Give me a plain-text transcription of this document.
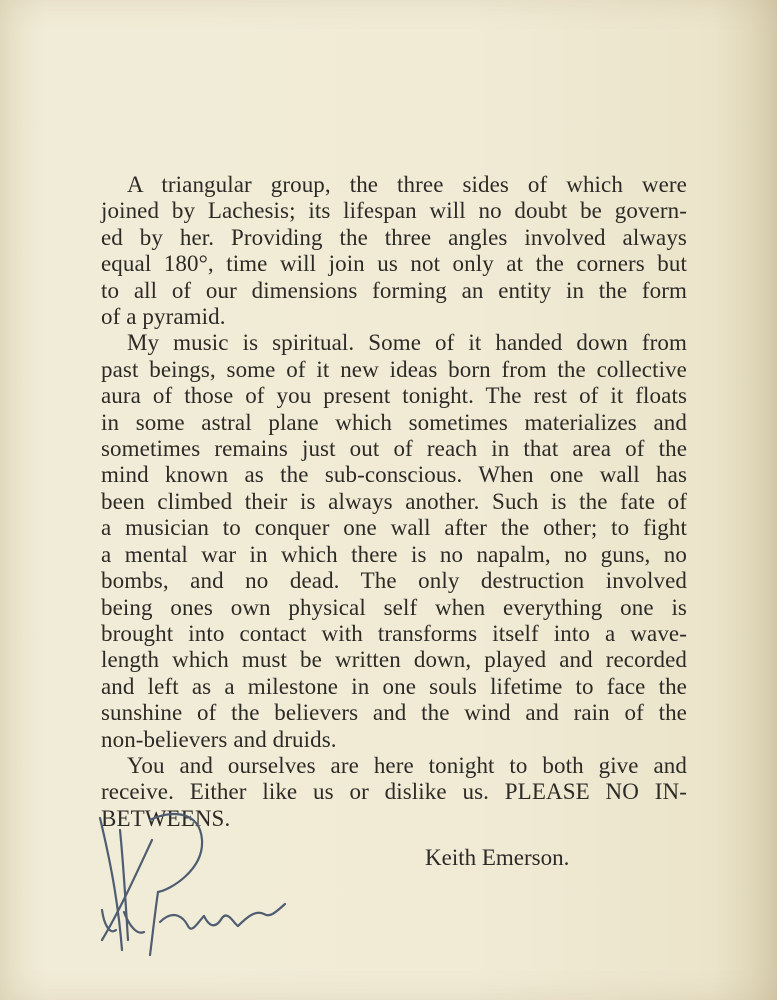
A triangular group, the three sides of which were
joined by Lachesis; its lifespan will no doubt be govern-
ed by her. Providing the three angles involved always
equal 180°, time will join us not only at the corners but
to all of our dimensions forming an entity in the form
of a pyramid.

My music is spiritual. Some of it handed down from
past beings, some of it new ideas born from the collective
aura of those of you present tonight. The rest of it floats
in some astral plane which sometimes materializes and
sometimes remains just out of reach in that area of the
mind known as the sub-conscious. When one wall has
been climbed their is always another. Such is the fate of
a musician to conquer one wall after the other; to fight
a mental war in which there is no napalm, no guns, no
bombs, and no dead. The only destruction involved
being ones own physical self when everything one is
brought into contact with transforms itself into a wave-
length which must be written down, played and recorded
and left as a milestone in one souls lifetime to face the
sunshine of the believers and the wind and rain of the
non-believers and druids.

You and ourselves are here tonight to both give and
receive. Either like us or dislike us. PLEASE NO IN-
BETWEENS.

Keith Emerson.
